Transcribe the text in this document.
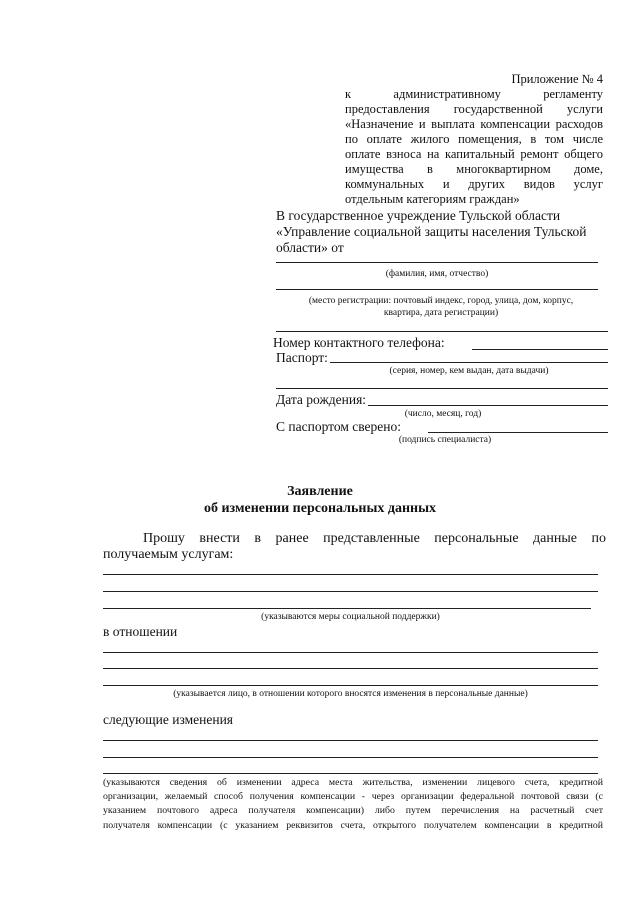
Приложение № 4
к административному регламенту
предоставления государственной услуги
«Назначение и выплата компенсации расходов
по оплате жилого помещения, в том числе
оплате взноса на капитальный ремонт общего
имущества в многоквартирном доме,
коммунальных и других видов услуг
отдельным категориям граждан»
В государственное учреждение Тульской области
«Управление социальной защиты населения Тульской
области» от
(фамилия, имя, отчество)
(место регистрации: почтовый индекс, город, улица, дом, корпус,
квартира, дата регистрации)
Номер контактного телефона:
Паспорт:
(серия, номер, кем выдан, дата выдачи)
Дата рождения:
(число, месяц, год)
С паспортом сверено:
(подпись специалиста)
Заявление
об изменении персональных данных
Прошу внести в ранее представленные персональные данные по получаемым услугам:
(указываются меры социальной поддержки)
в отношении
(указывается лицо, в отношении которого вносятся изменения в персональные данные)
следующие изменения
(указываются сведения об изменении адреса места жительства, изменении лицевого счета, кредитной
организации, желаемый способ получения компенсации - через организации федеральной почтовой связи (с
указанием почтового адреса получателя компенсации) либо путем перечисления на расчетный счет
получателя компенсации (с указанием реквизитов счета, открытого получателем компенсации в кредитной
